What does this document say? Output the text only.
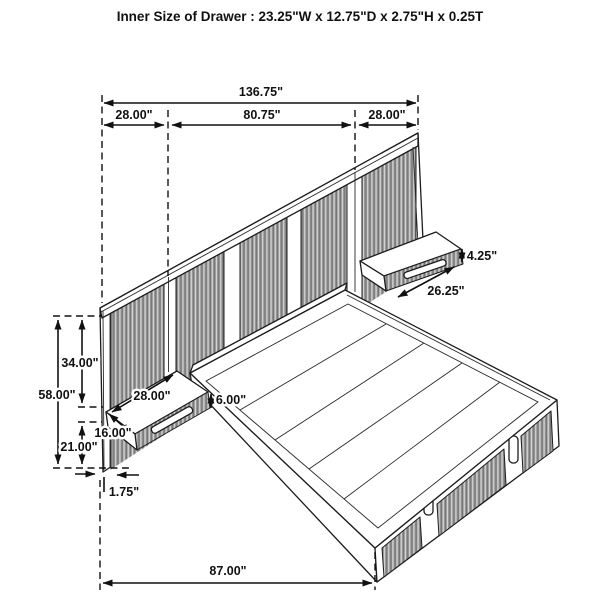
Inner Size of Drawer : 23.25"W x 12.75"D x 2.75"H x 0.25T
136.75"
28.00"	80.75"	28.00"
4.25"
26.25"
58.00"
34.00"
21.00"
16.00"
28.00"	6.00"
1.75"
87.00"
